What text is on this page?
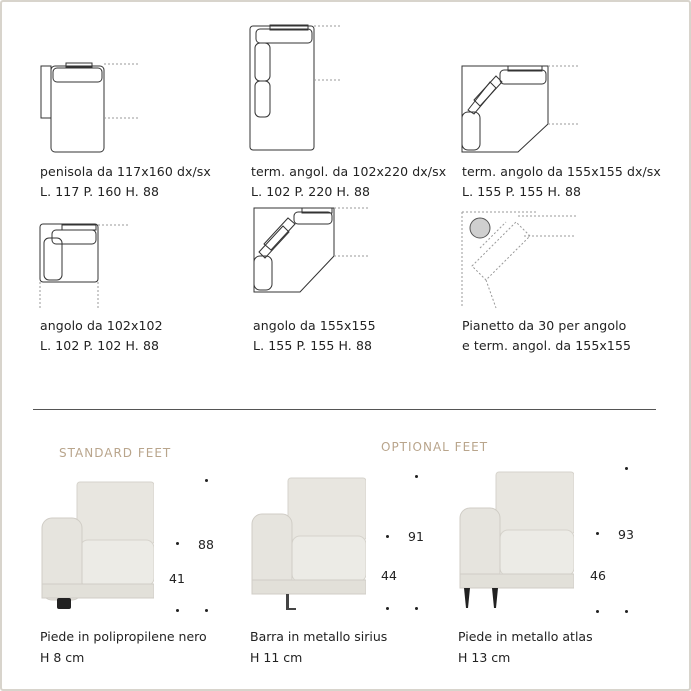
penisola da 117x160 dx/sx
L. 117 P. 160 H. 88
term. angol. da 102x220 dx/sx
L. 102 P. 220 H. 88
term. angolo da 155x155 dx/sx
L. 155 P. 155 H. 88
angolo da 102x102
L. 102 P. 102 H. 88
angolo da 155x155
L. 155 P. 155 H. 88
Pianetto da 30 per angolo
e term. angol. da 155x155
STANDARD FEET	OPTIONAL FEET
88
41
91
44
93
46
Piede in polipropilene nero
H 8 cm
Barra in metallo sirius
H 11 cm
Piede in metallo atlas
H 13 cm
